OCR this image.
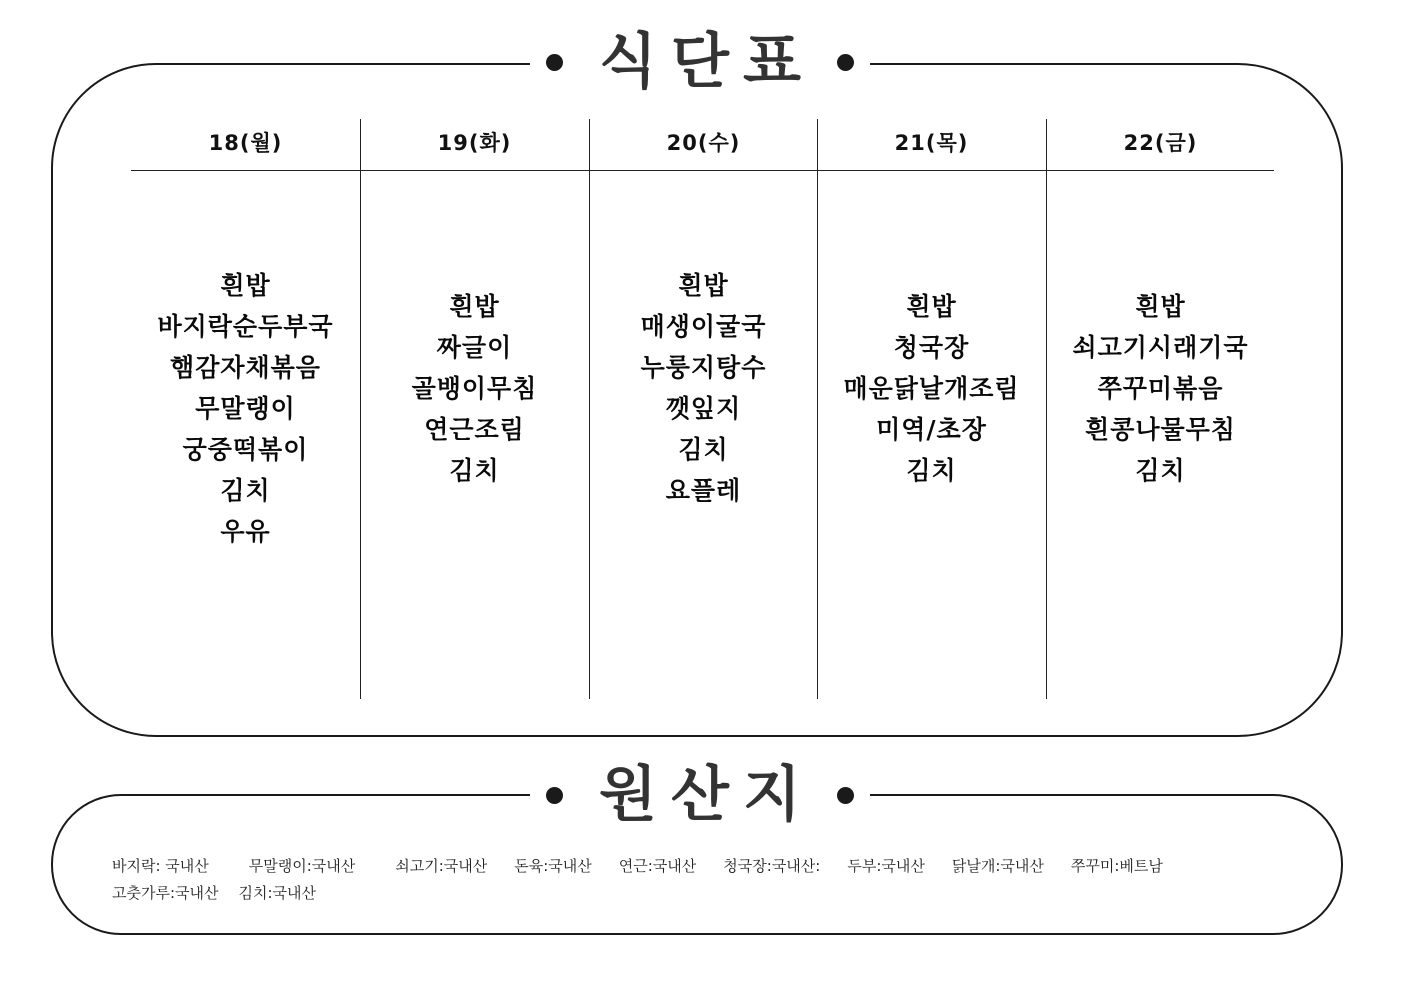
식단표
18(월)
흰밥
바지락순두부국
햄감자채볶음
무말랭이
궁중떡볶이
김치
우유
19(화)
흰밥
짜글이
골뱅이무침
연근조림
김치
20(수)
흰밥
매생이굴국
누룽지탕수
깻잎지
김치
요플레
21(목)
흰밥
청국장
매운닭날개조림
미역/초장
김치
22(금)
흰밥
쇠고기시래기국
쭈꾸미볶음
흰콩나물무침
김치
원산지
바지락: 국내산	무말랭이:국내산	쇠고기:국내산 돈육:국내산 연근:국내산 청국장:국내산: 두부:국내산 닭날개:국내산 쭈꾸미:베트남
고춧가루:국내산 김치:국내산
